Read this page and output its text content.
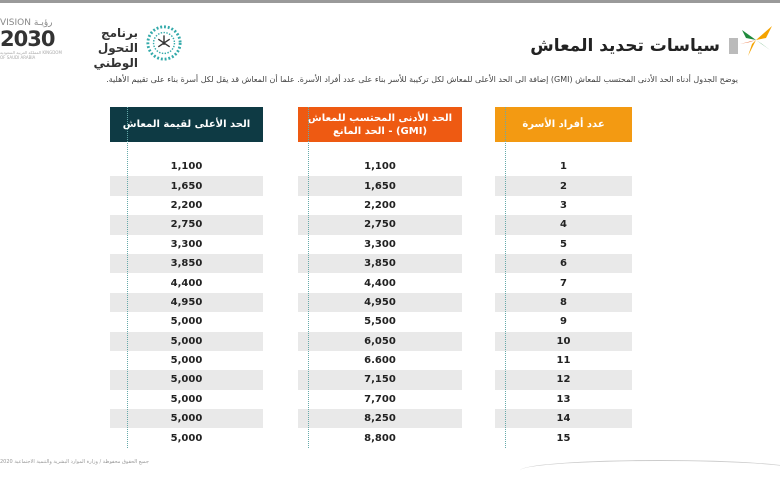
VISION رؤيـة
2030
المملكة العربية السعودية KINGDOM OF SAUDI ARABIA
برنامج التحول الوطني
سياسات تحديد المعاش
يوضح الجدول أدناه الحد الأدنى المحتسب للمعاش (GMI) إضافة الى الحد الأعلى للمعاش لكل تركيبة للأسر بناء على عدد أفراد الأسرة. علما أن المعاش قد يقل لكل أسرة بناء على تقييم الأهلية.
الحد الأعلى لقيمة المعاش
1,100
1,650
2,200
2,750
3,300
3,850
4,400
4,950
5,000
5,000
5,000
5,000
5,000
5,000
5,000
الحد الأدنى المحتسب للمعاش (GMI) - الحد المانع
1,100
1,650
2,200
2,750
3,300
3,850
4,400
4,950
5,500
6,050
6.600
7,150
7,700
8,250
8,800
عدد أفراد الأسرة
1
2
3
4
5
6
7
8
9
10
11
12
13
14
15
جميع الحقوق محفوظة / وزارة الموارد البشرية والتنمية الاجتماعية 2020
